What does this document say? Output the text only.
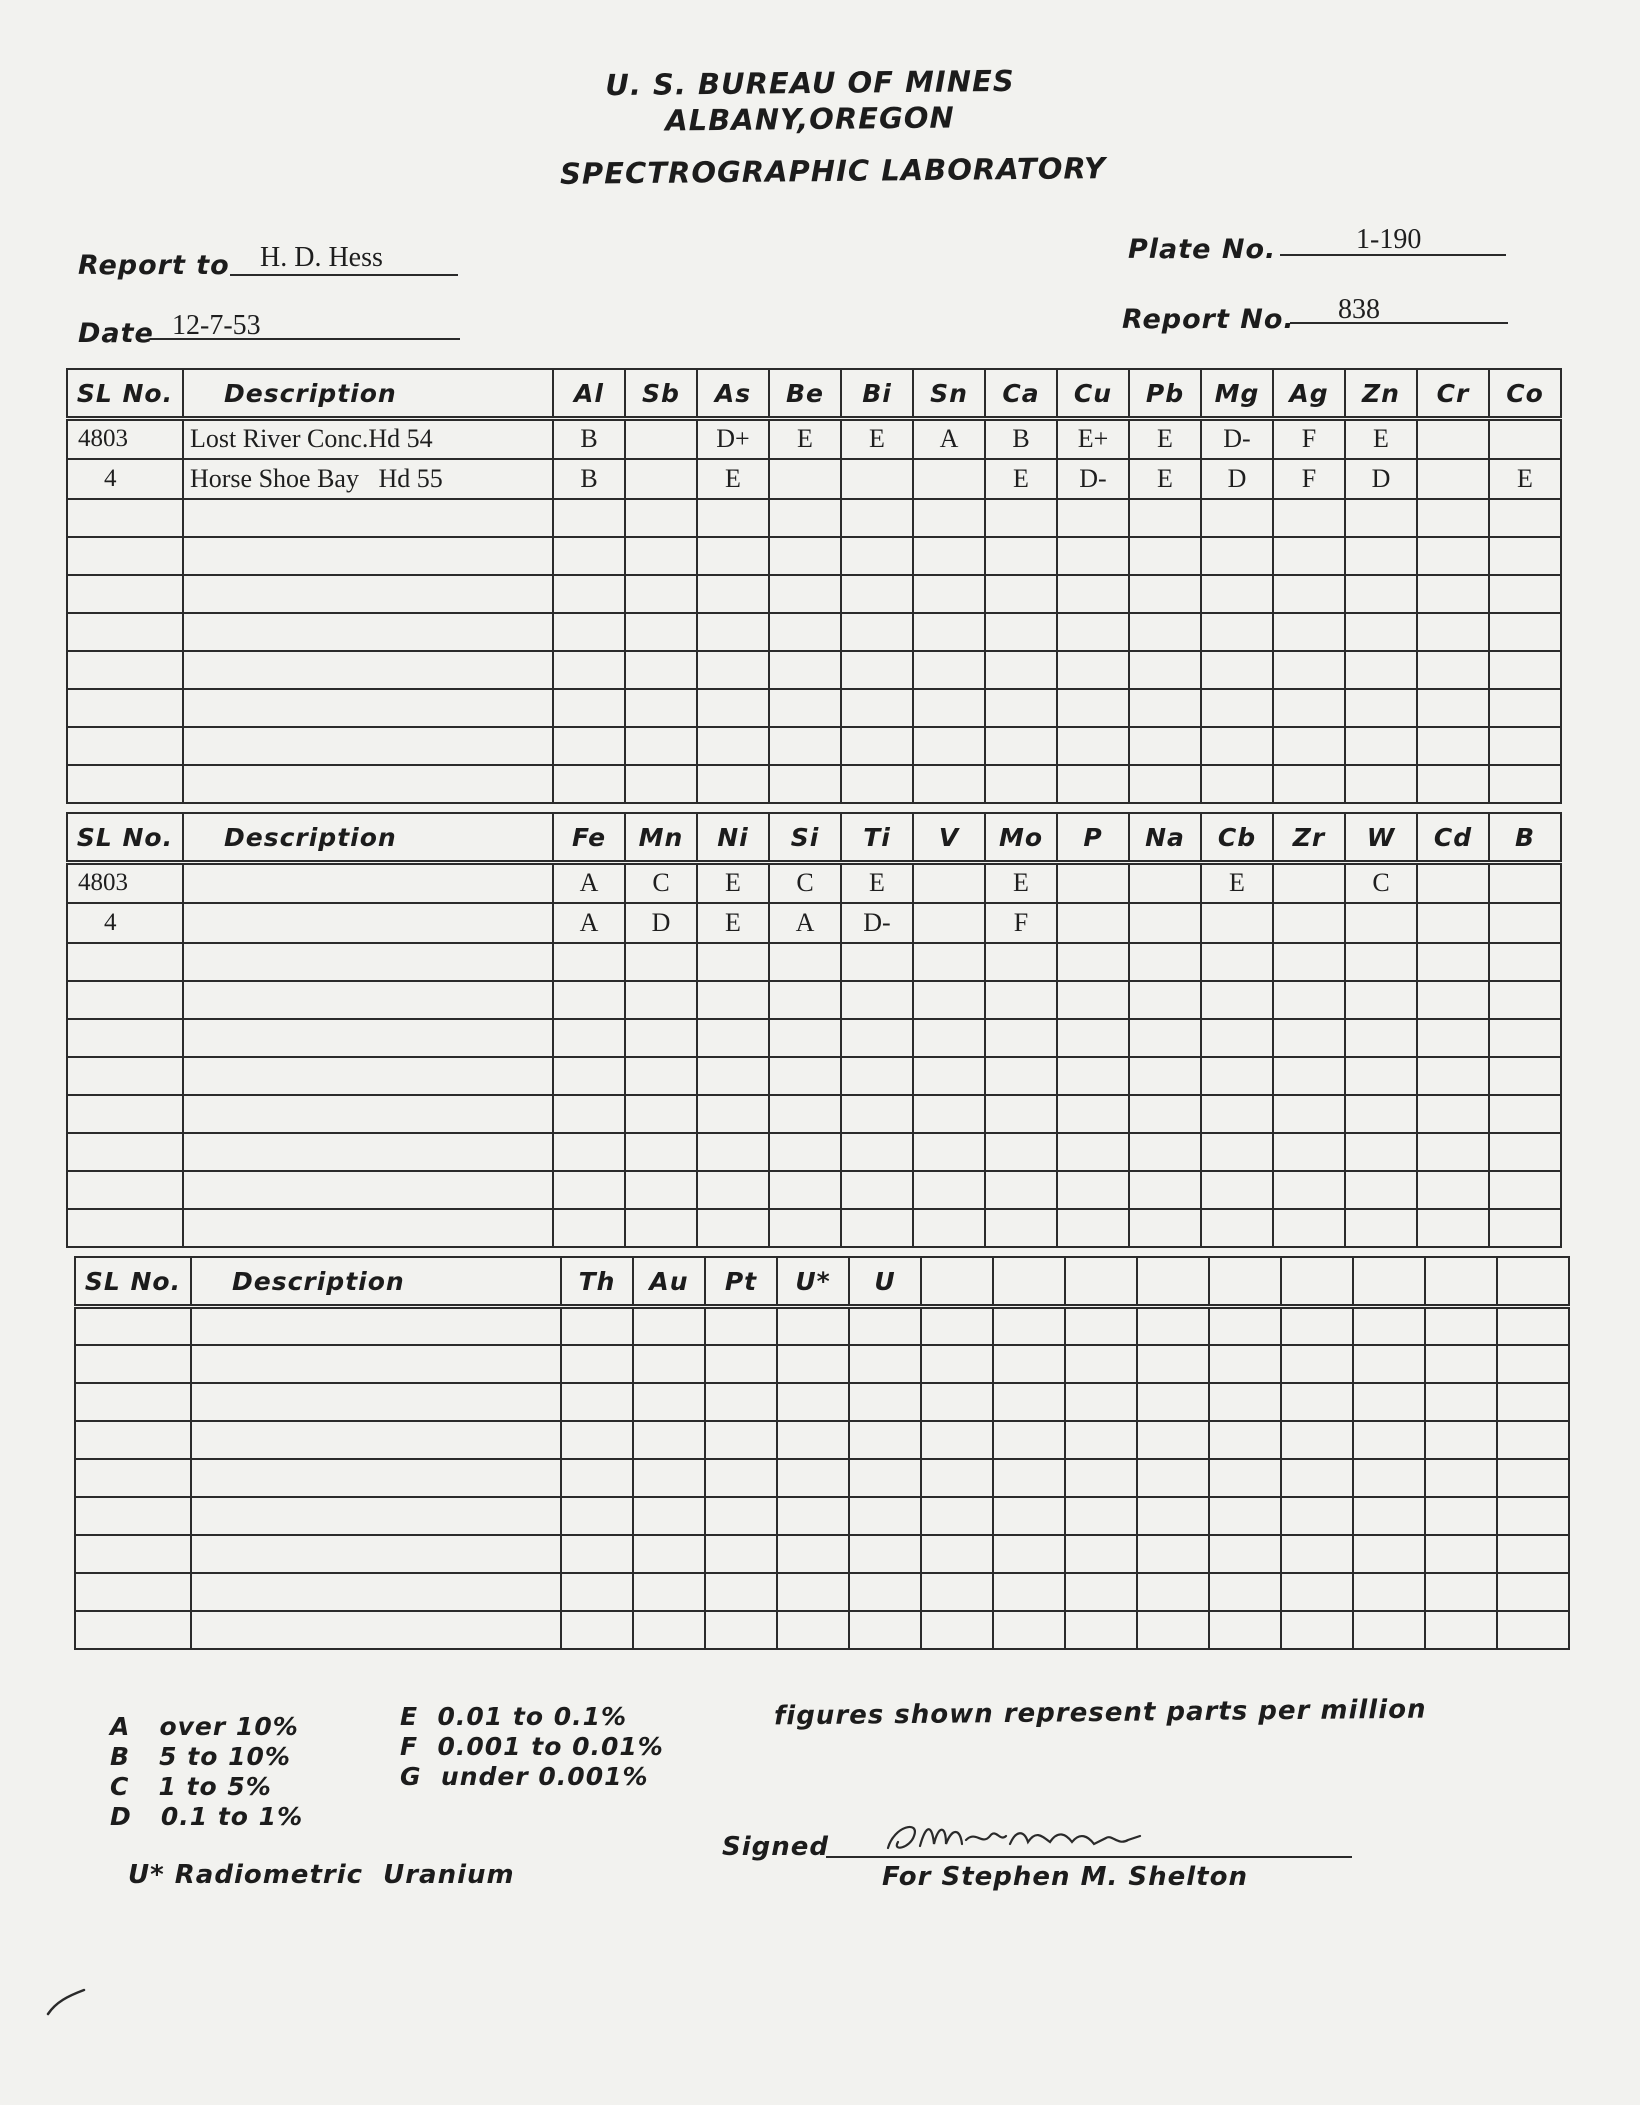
U. S. BUREAU OF MINES
ALBANY,OREGON
SPECTROGRAPHIC LABORATORY
Report to H. D. Hess
Date 12-7-53
Plate No.	1-190
Report No. 838
SL No.	Description	Al	Sb	As	Be	Bi	Sn	Ca	Cu	Pb	Mg	Ag	Zn	Cr	Co
4803	Lost River Conc.Hd 54	B		D+	E	E	A	B	E+	E	D-	F	E		
4	Horse Shoe Bay   Hd 55	B		E				E	D-	E	D	F	D		E

SL No.	Description	Fe	Mn	Ni	Si	Ti	V	Mo	P	Na	Cb	Zr	W	Cd	B
4803		A	C	E	C	E		E			E		C		
4		A	D	E	A	D-		F							

SL No.	Description	Th	Au	Pt	U*	U									

A   over 10%
B   5 to 10%
C   1 to 5%
D   0.1 to 1%
E  0.01 to 0.1%
F  0.001 to 0.01%
G  under 0.001%
figures shown represent parts per million
U* Radiometric  Uranium
Signed
For Stephen M. Shelton
